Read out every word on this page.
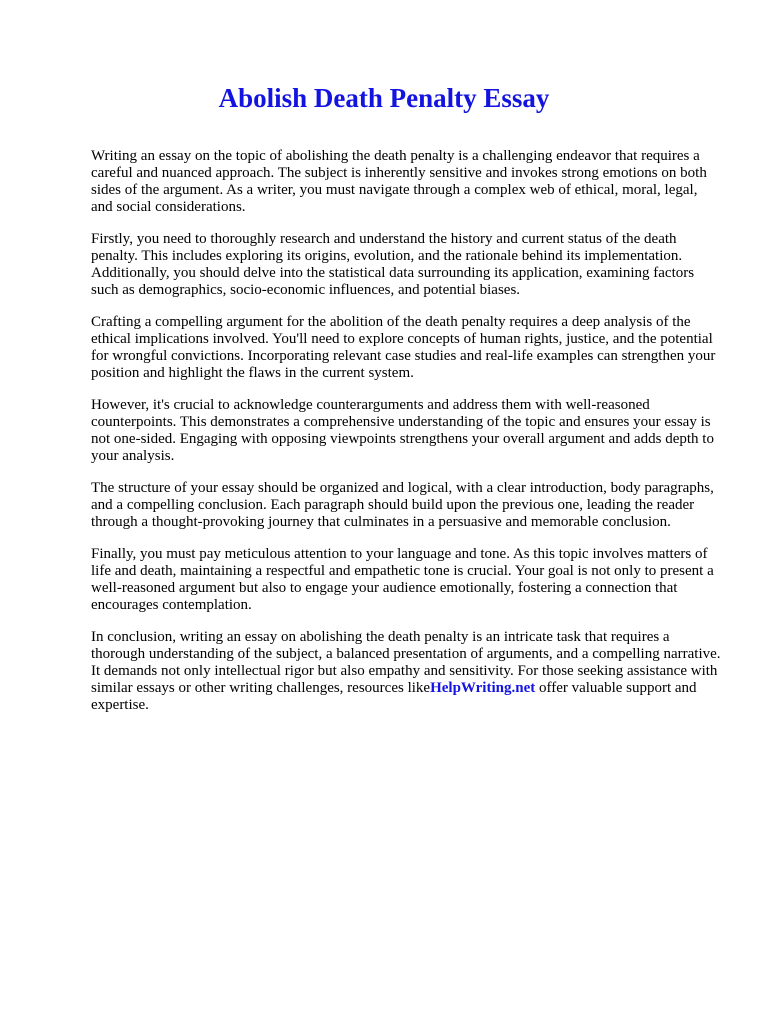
Abolish Death Penalty Essay

Writing an essay on the topic of abolishing the death penalty is a challenging endeavor that requires a careful and nuanced approach. The subject is inherently sensitive and invokes strong emotions on both sides of the argument. As a writer, you must navigate through a complex web of ethical, moral, legal, and social considerations.

Firstly, you need to thoroughly research and understand the history and current status of the death penalty. This includes exploring its origins, evolution, and the rationale behind its implementation. Additionally, you should delve into the statistical data surrounding its application, examining factors such as demographics, socio-economic influences, and potential biases.

Crafting a compelling argument for the abolition of the death penalty requires a deep analysis of the ethical implications involved. You'll need to explore concepts of human rights, justice, and the potential for wrongful convictions. Incorporating relevant case studies and real-life examples can strengthen your position and highlight the flaws in the current system.

However, it's crucial to acknowledge counterarguments and address them with well-reasoned counterpoints. This demonstrates a comprehensive understanding of the topic and ensures your essay is not one-sided. Engaging with opposing viewpoints strengthens your overall argument and adds depth to your analysis.

The structure of your essay should be organized and logical, with a clear introduction, body paragraphs, and a compelling conclusion. Each paragraph should build upon the previous one, leading the reader through a thought-provoking journey that culminates in a persuasive and memorable conclusion.

Finally, you must pay meticulous attention to your language and tone. As this topic involves matters of life and death, maintaining a respectful and empathetic tone is crucial. Your goal is not only to present a well-reasoned argument but also to engage your audience emotionally, fostering a connection that encourages contemplation.

In conclusion, writing an essay on abolishing the death penalty is an intricate task that requires a thorough understanding of the subject, a balanced presentation of arguments, and a compelling narrative. It demands not only intellectual rigor but also empathy and sensitivity. For those seeking assistance with similar essays or other writing challenges, resources likeHelpWriting.net offer valuable support and expertise.
